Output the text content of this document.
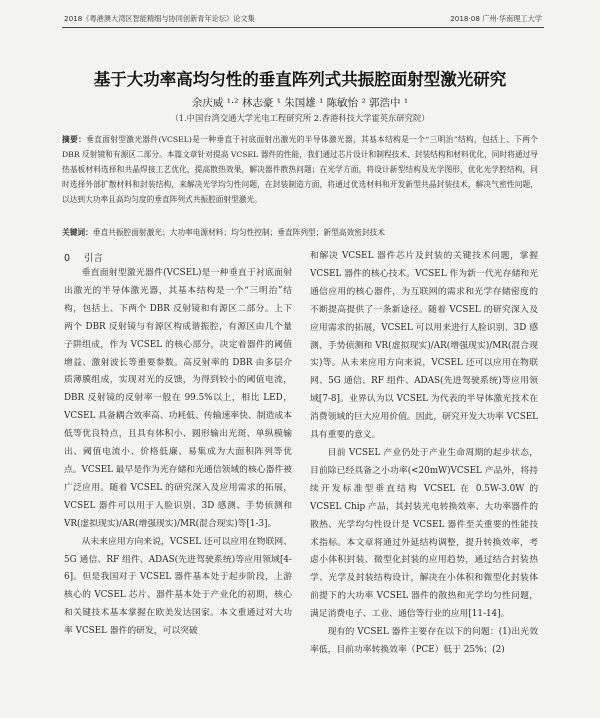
2018《粤港澳大湾区智能精细与协同创新青年论坛》论文集	2018·08 广州·华南理工大学
基于大功率高均匀性的垂直阵列式共振腔面射型激光研究
余庆威 ¹·² 林志豪 ¹ 朱国雄 ¹ 陈敏怡 ² 郭浩中 ¹
（1.中国台湾交通大学光电工程研究所 2.香港科技大学霍英东研究院）
摘要：垂直面射型激光器件(VCSEL)是一种垂直于衬底面射出激光的半导体激光器，其基本结构是一个“三明治”结构，包括上、下两个 DBR 反射镜和有源区二部分。本篇文章针对提高 VCSEL 器件的性能，我们通过芯片设计和制程技术、封装结构和材料优化，同时将通过导热基板材料选择和共晶焊接工艺优化，提高散热效果，解决器件散热问题；在光学方面，将设计新型结构及光学图形，优化光学腔结构，同时选择外部扩散材料和封装结构，来解决光学均匀性问题，在封装制造方面，将通过优选材料和开发新型共晶封装技术，解决气密性问题，以达到大功率且高均匀度的垂直阵列式共振腔面射型激光。
关键词：垂直共振腔面射激光；大功率电源材料；均匀性控制；垂直阵列型；新型高效密封技术
0 引言

垂直面射型激光器件(VCSEL)是一种垂直于衬底面射出激光的半导体激光器，其基本结构是一个“三明治”结构，包括上、下两个 DBR 反射镜和有源区二部分。上下两个 DBR 反射镜与有源区构成谐振腔，有源区由几个量子阱组成，作为 VCSEL 的核心部分，决定着器件的阈值增益、激射波长等重要参数。高反射率的 DBR 由多层介质薄膜组成，实现对光的反馈，为得到较小的阈值电流，DBR 反射镜的反射率一般在 99.5%以上，相比 LED，VCSEL 具备耦合效率高、功耗低、传输速率快、制造成本低等优良特点，且具有体积小、圆形输出光斑、单纵模输出、阈值电流小、价格低廉、易集成为大面积阵列等优点。VCSEL 最早是作为光存储和光通信领域的核心器件被广泛应用。随着 VCSEL 的研究深入及应用需求的拓展，VCSEL 器件可以用于人脸识别、3D 感测、手势侦测和 VR(虚拟现实)/AR(增强现实)/MR(混合现实)等[1-3]。

从未来应用方向来说，VCSEL 还可以应用在物联网、5G 通信、RF 组件、ADAS(先进驾驶系统)等应用领域[4-6]。但是我国对于 VCSEL 器件基本处于起步阶段，上游核心的 VCSEL 芯片、器件基本处于产业化的初期，核心和关键技术基本掌握在欧美发达国家。本文重通过对大功率 VCSEL 器件的研发，可以突破

和解决 VCSEL 器件芯片及封装的关键技术问题，掌握 VCSEL 器件的核心技术。VCSEL 作为新一代光存储和光通信应用的核心器件，为互联网的需求和光学存储密度的不断提高提供了一条新途径。随着 VCSEL 的研究深入及应用需求的拓展，VCSEL 可以用来进行人脸识别、3D 感测、手势侦测和 VR(虚拟现实)/AR(增强现实)/MR(混合现实)等。从未来应用方向来说，VCSEL 还可以应用在物联网、5G 通信、RF 组件、ADAS(先进驾驶系统)等应用领域[7-8]。业界认为以 VCSEL 为代表的半导体激光技术在消费领域的巨大应用价值。因此，研究开发大功率 VCSEL 具有重要的意义。

目前 VCSEL 产业仍处于产业生命周期的起步状态，目前除已经具备之小功率(<20mW)VCSEL 产品外，将持续开发标准型垂直结构 VCSEL 在 0.5W-3.0W 的 VCSEL Chip 产品，其封装光电转换效率、大功率器件的散热、光学均匀性设计是 VCSEL 器件至关重要的性能技术指标。本文章将通过外延结构调整，提升转换效率，考虑小体积封装、微型化封装的应用趋势，通过结合封装热学、光学及封装结构设计，解决在小体积和微型化封装体前提下的大功率 VCSEL 器件的散热和光学均匀性问题，满足消费电子、工业、通信等行业的应用[11-14]。

现有的 VCSEL 器件主要存在以下的问题：(1)出光效率低，目前功率转换效率（PCE）低于 25%；(2)
